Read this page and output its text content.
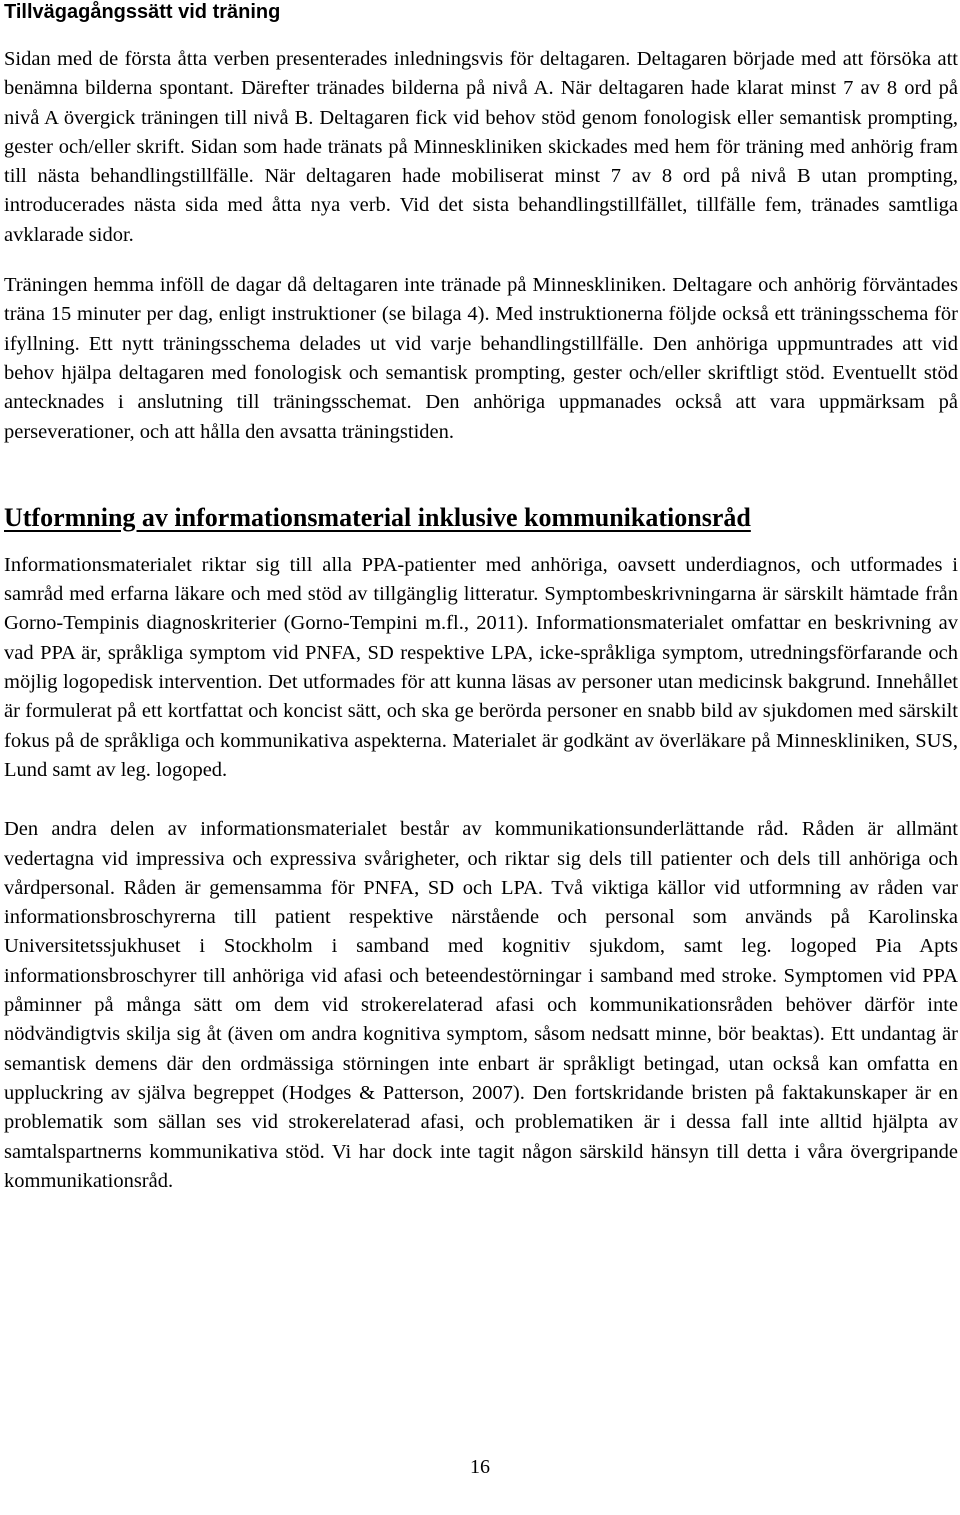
Tillvägagångssätt vid träning

Sidan med de första åtta verben presenterades inledningsvis för deltagaren. Deltagaren började med att försöka att benämna bilderna spontant. Därefter tränades bilderna på nivå A. När deltagaren hade klarat minst 7 av 8 ord på nivå A övergick träningen till nivå B. Deltagaren fick vid behov stöd genom fonologisk eller semantisk prompting, gester och/eller skrift. Sidan som hade tränats på Minneskliniken skickades med hem för träning med anhörig fram till nästa behandlingstillfälle. När deltagaren hade mobiliserat minst 7 av 8 ord på nivå B utan prompting, introducerades nästa sida med åtta nya verb. Vid det sista behandlingstillfället, tillfälle fem, tränades samtliga avklarade sidor.

Träningen hemma inföll de dagar då deltagaren inte tränade på Minneskliniken. Deltagare och anhörig förväntades träna 15 minuter per dag, enligt instruktioner (se bilaga 4). Med instruktionerna följde också ett träningsschema för ifyllning. Ett nytt träningsschema delades ut vid varje behandlingstillfälle. Den anhöriga uppmuntrades att vid behov hjälpa deltagaren med fonologisk och semantisk prompting, gester och/eller skriftligt stöd. Eventuellt stöd antecknades i anslutning till träningsschemat. Den anhöriga uppmanades också att vara uppmärksam på perseverationer, och att hålla den avsatta träningstiden.

Utformning av informationsmaterial inklusive kommunikationsråd

Informationsmaterialet riktar sig till alla PPA-patienter med anhöriga, oavsett underdiagnos, och utformades i samråd med erfarna läkare och med stöd av tillgänglig litteratur. Symptombeskrivningarna är särskilt hämtade från Gorno-Tempinis diagnoskriterier (Gorno-Tempini m.fl., 2011). Informationsmaterialet omfattar en beskrivning av vad PPA är, språkliga symptom vid PNFA, SD respektive LPA, icke-språkliga symptom, utredningsförfarande och möjlig logopedisk intervention. Det utformades för att kunna läsas av personer utan medicinsk bakgrund. Innehållet är formulerat på ett kortfattat och koncist sätt, och ska ge berörda personer en snabb bild av sjukdomen med särskilt fokus på de språkliga och kommunikativa aspekterna. Materialet är godkänt av överläkare på Minneskliniken, SUS, Lund samt av leg. logoped.

Den andra delen av informationsmaterialet består av kommunikationsunderlättande råd. Råden är allmänt vedertagna vid impressiva och expressiva svårigheter, och riktar sig dels till patienter och dels till anhöriga och vårdpersonal. Råden är gemensamma för PNFA, SD och LPA. Två viktiga källor vid utformning av råden var informationsbroschyrerna till patient respektive närstående och personal som används på Karolinska Universitetssjukhuset i Stockholm i samband med kognitiv sjukdom, samt leg. logoped Pia Apts informationsbroschyrer till anhöriga vid afasi och beteendestörningar i samband med stroke. Symptomen vid PPA påminner på många sätt om dem vid strokerelaterad afasi och kommunikationsråden behöver därför inte nödvändigtvis skilja sig åt (även om andra kognitiva symptom, såsom nedsatt minne, bör beaktas). Ett undantag är semantisk demens där den ordmässiga störningen inte enbart är språkligt betingad, utan också kan omfatta en uppluckring av själva begreppet (Hodges & Patterson, 2007). Den fortskridande bristen på faktakunskaper är en problematik som sällan ses vid strokerelaterad afasi, och problematiken är i dessa fall inte alltid hjälpta av samtalspartnerns kommunikativa stöd. Vi har dock inte tagit någon särskild hänsyn till detta i våra övergripande kommunikationsråd.

16
